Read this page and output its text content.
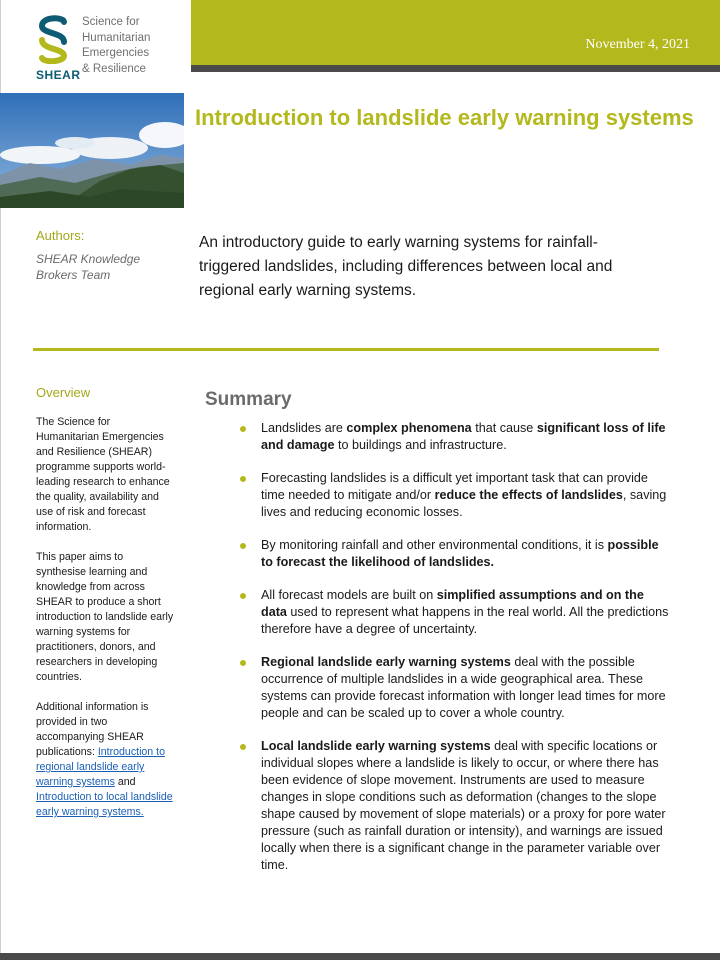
November 4, 2021
SHEAR
Science for
Humanitarian
Emergencies
& Resilience
Introduction to landslide early warning systems
Authors:
SHEAR Knowledge Brokers Team

An introductory guide to early warning systems for rainfall-triggered landslides, including differences between local and regional early warning systems.

Overview

The Science for Humanitarian Emergencies and Resilience (SHEAR) programme supports world-leading research to enhance the quality, availability and use of risk and forecast information.

This paper aims to synthesise learning and knowledge from across SHEAR to produce a short introduction to landslide early warning systems for practitioners, donors, and researchers in developing countries.

Additional information is provided in two accompanying SHEAR publications: Introduction to regional landslide early warning systems and Introduction to local landslide early warning systems.

Summary
Landslides are complex phenomena that cause significant loss of life and damage to buildings and infrastructure.
Forecasting landslides is a difficult yet important task that can provide time needed to mitigate and/or reduce the effects of landslides, saving lives and reducing economic losses.
By monitoring rainfall and other environmental conditions, it is possible to forecast the likelihood of landslides.
All forecast models are built on simplified assumptions and on the data used to represent what happens in the real world. All the predictions therefore have a degree of uncertainty.
Regional landslide early warning systems deal with the possible occurrence of multiple landslides in a wide geographical area. These systems can provide forecast information with longer lead times for more people and can be scaled up to cover a whole country.
Local landslide early warning systems deal with specific locations or individual slopes where a landslide is likely to occur, or where there has been evidence of slope movement. Instruments are used to measure changes in slope conditions such as deformation (changes to the slope shape caused by movement of slope materials) or a proxy for pore water pressure (such as rainfall duration or intensity), and warnings are issued locally when there is a significant change in the parameter variable over time.
